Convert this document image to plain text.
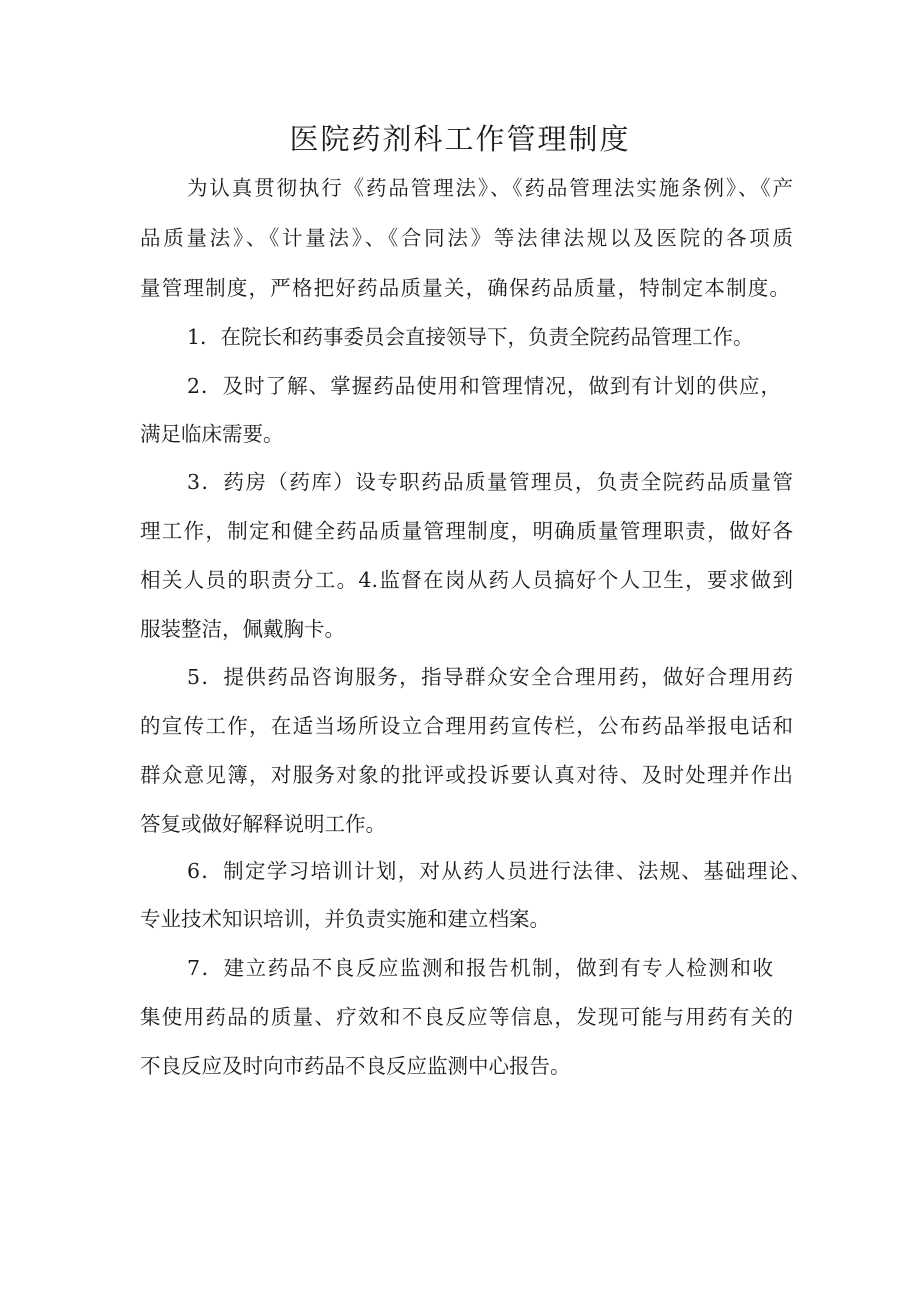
医院药剂科工作管理制度

为认真贯彻执行《药品管理法》、《药品管理法实施条例》、《产

品质量法》、《计量法》、《合同法》等法律法规以及医院的各项质

量管理制度，严格把好药品质量关，确保药品质量，特制定本制度。

1．在院长和药事委员会直接领导下，负责全院药品管理工作。

2．及时了解、掌握药品使用和管理情况，做到有计划的供应，

满足临床需要。

3．药房（药库）设专职药品质量管理员，负责全院药品质量管

理工作，制定和健全药品质量管理制度，明确质量管理职责，做好各

相关人员的职责分工。4.监督在岗从药人员搞好个人卫生，要求做到

服装整洁，佩戴胸卡。

5．提供药品咨询服务，指导群众安全合理用药，做好合理用药

的宣传工作，在适当场所设立合理用药宣传栏，公布药品举报电话和

群众意见簿，对服务对象的批评或投诉要认真对待、及时处理并作出

答复或做好解释说明工作。

6．制定学习培训计划，对从药人员进行法律、法规、基础理论、

专业技术知识培训，并负责实施和建立档案。

7．建立药品不良反应监测和报告机制，做到有专人检测和收

集使用药品的质量、疗效和不良反应等信息，发现可能与用药有关的

不良反应及时向市药品不良反应监测中心报告。
